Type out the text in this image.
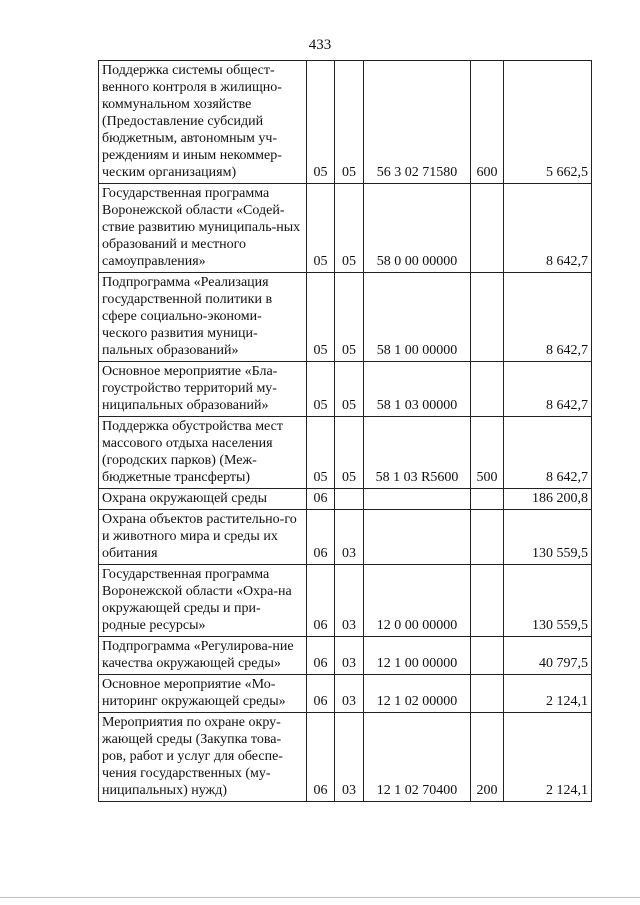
433
Поддержка системы общест-венного контроля в жилищно-коммунальном хозяйстве (Предоставление субсидий бюджетным, автономным уч-реждениям и иным некоммер-ческим организациям)	05	05	56 3 02 71580	600	5 662,5
Государственная программа Воронежской области «Содей-ствие развитию муниципаль-ных образований и местного самоуправления»	05	05	58 0 00 00000		8 642,7
Подпрограмма «Реализация государственной политики в сфере социально-экономи-ческого развития муници-пальных образований»	05	05	58 1 00 00000		8 642,7
Основное мероприятие «Бла-гоустройство территорий му-ниципальных образований»	05	05	58 1 03 00000		8 642,7
Поддержка обустройства мест массового отдыха населения (городских парков) (Меж-бюджетные трансферты)	05	05	58 1 03 R5600	500	8 642,7
Охрана окружающей среды	06				186 200,8
Охрана объектов растительно-го и животного мира и среды их обитания	06	03			130 559,5
Государственная программа Воронежской области «Охра-на окружающей среды и при-родные ресурсы»	06	03	12 0 00 00000		130 559,5
Подпрограмма «Регулирова-ние качества окружающей среды»	06	03	12 1 00 00000		40 797,5
Основное мероприятие «Мо-ниторинг окружающей среды»	06	03	12 1 02 00000		2 124,1
Мероприятия по охране окру-жающей среды (Закупка това-ров, работ и услуг для обеспе-чения государственных (му-ниципальных) нужд)	06	03	12 1 02 70400	200	2 124,1
